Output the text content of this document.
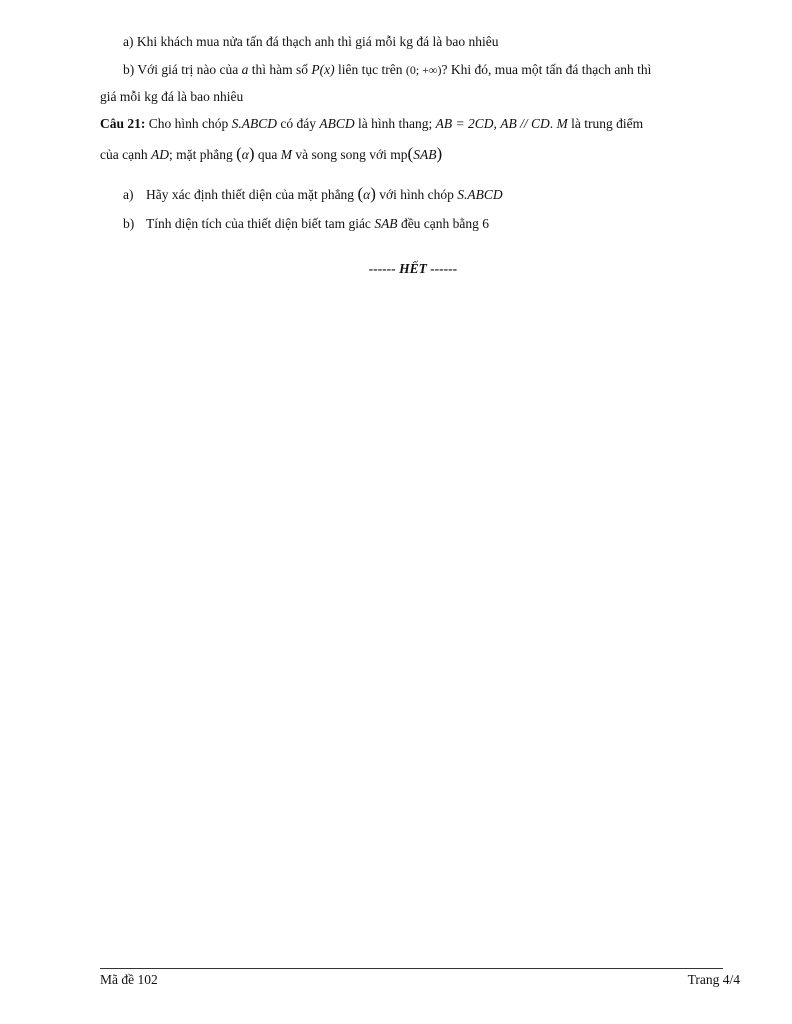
a) Khi khách mua nửa tấn đá thạch anh thì giá mỗi kg đá là bao nhiêu
b) Với giá trị nào của a thì hàm số P(x) liên tục trên (0; +∞)? Khi đó, mua một tấn đá thạch anh thì
giá mỗi kg đá là bao nhiêu
Câu 21: Cho hình chóp S.ABCD có đáy ABCD là hình thang; AB = 2CD, AB // CD. M là trung điểm
của cạnh AD; mặt phẳng (α) qua M và song song với mp(SAB)
a) Hãy xác định thiết diện của mặt phẳng (α) với hình chóp S.ABCD
b) Tính diện tích của thiết diện biết tam giác SAB đều cạnh bằng 6
------ HẾT ------
Mã đề 102	Trang 4/4
